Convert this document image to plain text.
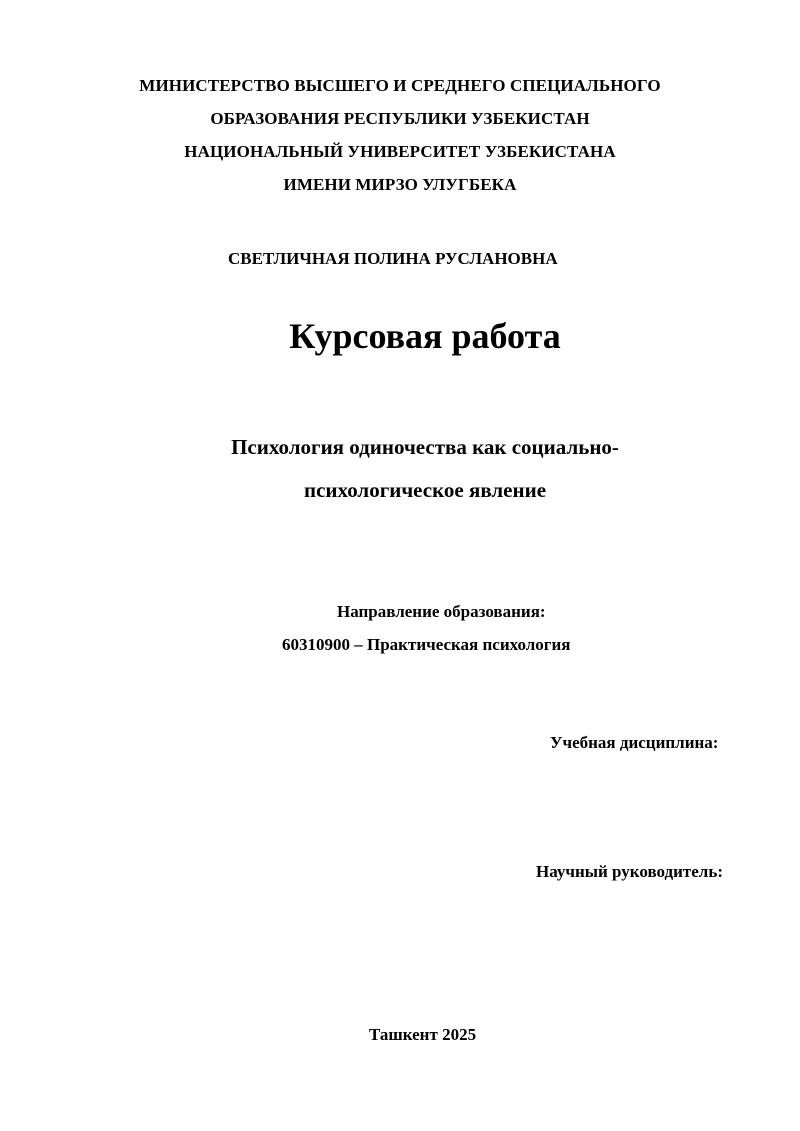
МИНИСТЕРСТВО ВЫСШЕГО И СРЕДНЕГО СПЕЦИАЛЬНОГО
ОБРАЗОВАНИЯ РЕСПУБЛИКИ УЗБЕКИСТАН
НАЦИОНАЛЬНЫЙ УНИВЕРСИТЕТ УЗБЕКИСТАНА
ИМЕНИ МИРЗО УЛУГБЕКА
СВЕТЛИЧНАЯ ПОЛИНА РУСЛАНОВНА
Курсовая работа
Психология одиночества как социально-
психологическое явление
Направление образования:
60310900 – Практическая психология
Учебная дисциплина:
Научный руководитель:
Ташкент 2025
